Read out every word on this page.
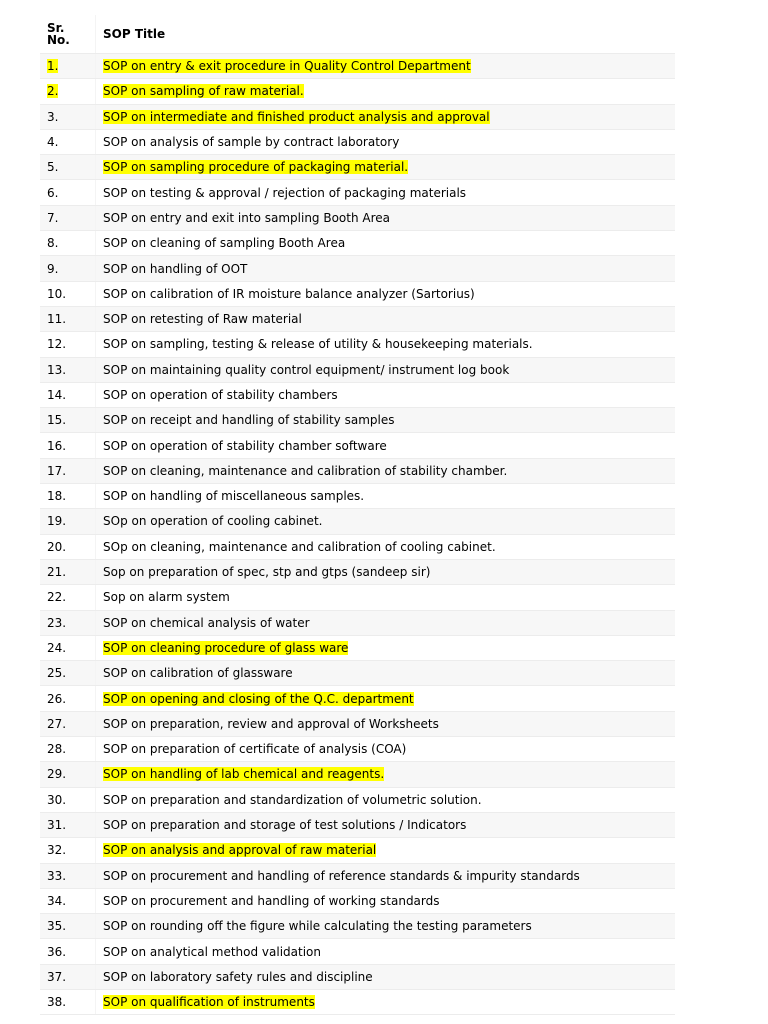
Sr.
No.	SOP Title
1.	SOP on entry & exit procedure in Quality Control Department
2.	SOP on sampling of raw material.
3.	SOP on intermediate and finished product analysis and approval
4.	SOP on analysis of sample by contract laboratory
5.	SOP on sampling procedure of packaging material.
6.	SOP on testing & approval / rejection of packaging materials
7.	SOP on entry and exit into sampling Booth Area
8.	SOP on cleaning of sampling Booth Area
9.	SOP on handling of OOT
10.	SOP on calibration of IR moisture balance analyzer (Sartorius)
11.	SOP on retesting of Raw material
12.	SOP on sampling, testing & release of utility & housekeeping materials.
13.	SOP on maintaining quality control equipment/ instrument log book
14.	SOP on operation of stability chambers
15.	SOP on receipt and handling of stability samples
16.	SOP on operation of stability chamber software
17.	SOP on cleaning, maintenance and calibration of stability chamber.
18.	SOP on handling of miscellaneous samples.
19.	SOp on operation of cooling cabinet.
20.	SOp on cleaning, maintenance and calibration of cooling cabinet.
21.	Sop on preparation of spec, stp and gtps (sandeep sir)
22.	Sop on alarm system
23.	SOP on chemical analysis of water
24.	SOP on cleaning procedure of glass ware
25.	SOP on calibration of glassware
26.	SOP on opening and closing of the Q.C. department
27.	SOP on preparation, review and approval of Worksheets
28.	SOP on preparation of certificate of analysis (COA)
29.	SOP on handling of lab chemical and reagents.
30.	SOP on preparation and standardization of volumetric solution.
31.	SOP on preparation and storage of test solutions / Indicators
32.	SOP on analysis and approval of raw material
33.	SOP on procurement and handling of reference standards & impurity standards
34.	SOP on procurement and handling of working standards
35.	SOP on rounding off the figure while calculating the testing parameters
36.	SOP on analytical method validation
37.	SOP on laboratory safety rules and discipline
38.	SOP on qualification of instruments
